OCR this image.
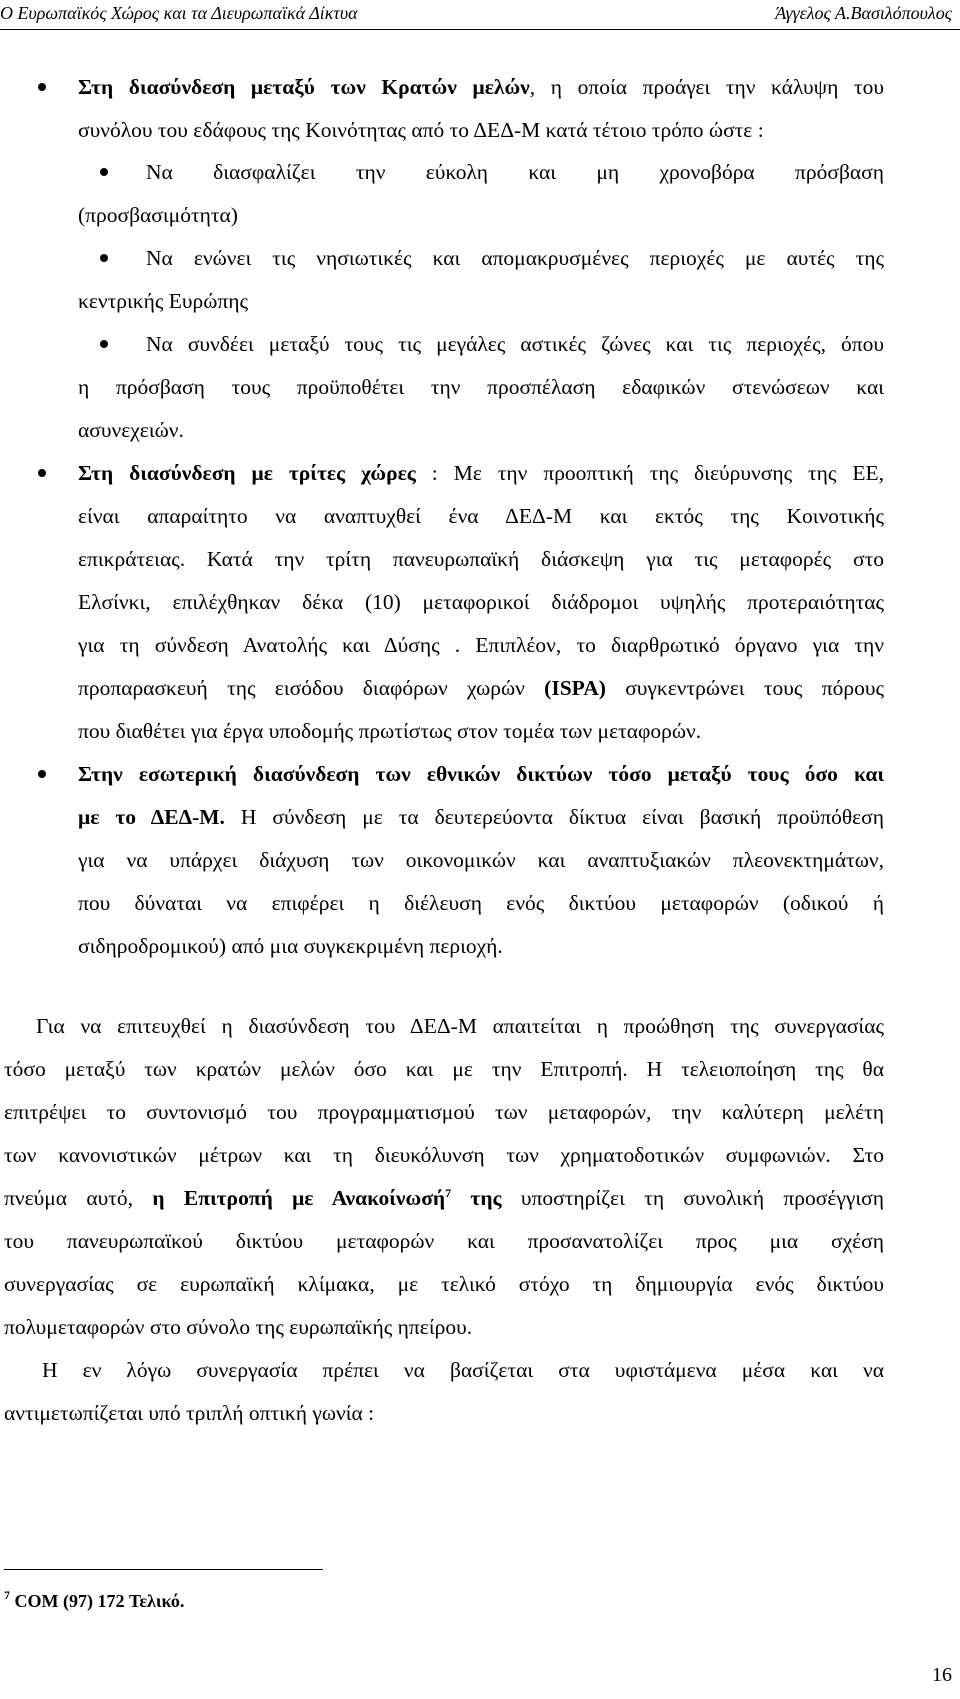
Ο Ευρωπαϊκός Χώρος και τα Διευρωπαϊκά Δίκτυα	Άγγελος Α.Βασιλόπουλος
Στη διασύνδεση μεταξύ των Κρατών μελών, η οποία προάγει την κάλυψη του
συνόλου του εδάφους της Κοινότητας από το ΔΕΔ-Μ κατά τέτοιο τρόπο ώστε :
Να διασφαλίζει την εύκολη και μη χρονοβόρα πρόσβαση
(προσβασιμότητα)
Να ενώνει τις νησιωτικές και απομακρυσμένες περιοχές με αυτές της
κεντρικής Ευρώπης
Να συνδέει μεταξύ τους τις μεγάλες αστικές ζώνες και τις περιοχές, όπου
η πρόσβαση τους προϋποθέτει την προσπέλαση εδαφικών στενώσεων και
ασυνεχειών.
Στη διασύνδεση με τρίτες χώρες : Με την προοπτική της διεύρυνσης της ΕΕ,
είναι απαραίτητο να αναπτυχθεί ένα ΔΕΔ-Μ και εκτός της Κοινοτικής
επικράτειας. Κατά την τρίτη πανευρωπαϊκή διάσκεψη για τις μεταφορές στο
Ελσίνκι, επιλέχθηκαν δέκα (10) μεταφορικοί διάδρομοι υψηλής προτεραιότητας
για τη σύνδεση Ανατολής και Δύσης . Επιπλέον, το διαρθρωτικό όργανο για την
προπαρασκευή της εισόδου διαφόρων χωρών (ISPA) συγκεντρώνει τους πόρους
που διαθέτει για έργα υποδομής πρωτίστως στον τομέα των μεταφορών.
Στην εσωτερική διασύνδεση των εθνικών δικτύων τόσο μεταξύ τους όσο και
με το ΔΕΔ-Μ. Η σύνδεση με τα δευτερεύοντα δίκτυα είναι βασική προϋπόθεση
για να υπάρχει διάχυση των οικονομικών και αναπτυξιακών πλεονεκτημάτων,
που δύναται να επιφέρει η διέλευση ενός δικτύου μεταφορών (οδικού ή
σιδηροδρομικού) από μια συγκεκριμένη περιοχή.
Για να επιτευχθεί η διασύνδεση του ΔΕΔ-Μ απαιτείται η προώθηση της συνεργασίας
τόσο μεταξύ των κρατών μελών όσο και με την Επιτροπή. Η τελειοποίηση της θα
επιτρέψει το συντονισμό του προγραμματισμού των μεταφορών, την καλύτερη μελέτη
των κανονιστικών μέτρων και τη διευκόλυνση των χρηματοδοτικών συμφωνιών. Στο
πνεύμα αυτό, η Επιτροπή με Ανακοίνωσή$^7$ της υποστηρίζει τη συνολική προσέγγιση
του πανευρωπαϊκού δικτύου μεταφορών και προσανατολίζει προς μια σχέση
συνεργασίας σε ευρωπαϊκή κλίμακα, με τελικό στόχο τη δημιουργία ενός δικτύου
πολυμεταφορών στο σύνολο της ευρωπαϊκής ηπείρου.
Η εν λόγω συνεργασία πρέπει να βασίζεται στα υφιστάμενα μέσα και να
αντιμετωπίζεται υπό τριπλή οπτική γωνία :
$^7$ COM (97) 172 Τελικό.
16
